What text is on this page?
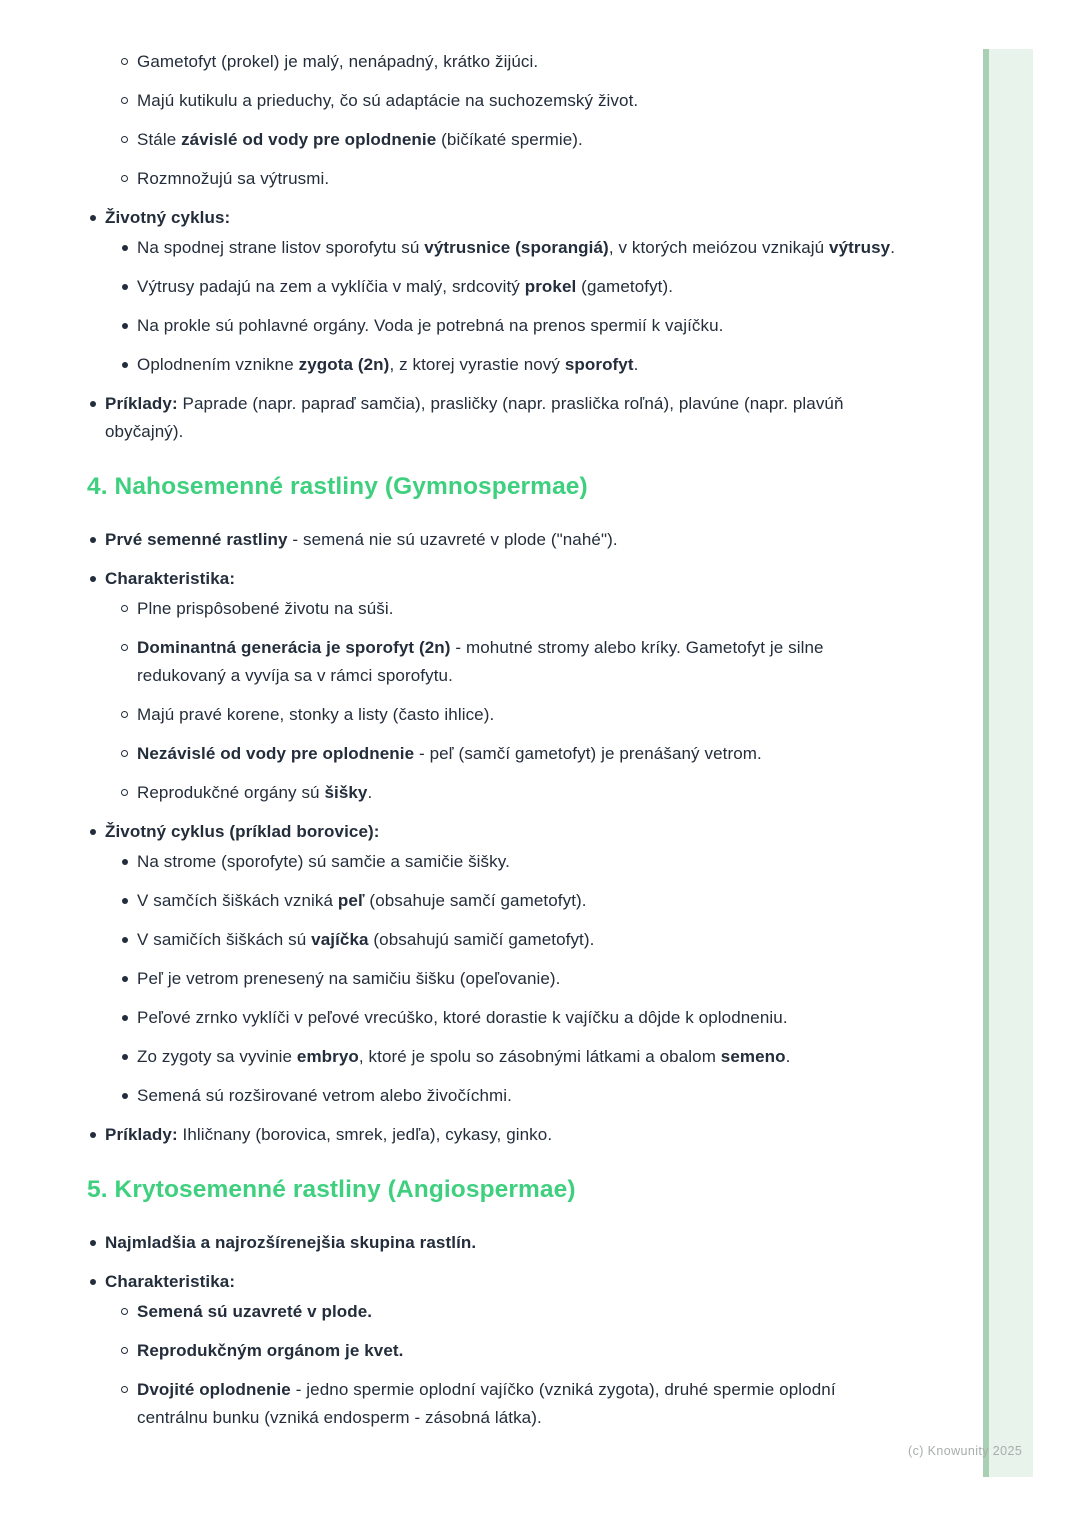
Gametofyt (prokel) je malý, nenápadný, krátko žijúci.
Majú kutikulu a prieduchy, čo sú adaptácie na suchozemský život.
Stále závislé od vody pre oplodnenie (bičíkaté spermie).
Rozmnožujú sa výtrusmi.
Životný cyklus:
Na spodnej strane listov sporofytu sú výtrusnice (sporangiá), v ktorých meiózou vznikajú výtrusy.
Výtrusy padajú na zem a vyklíčia v malý, srdcovitý prokel (gametofyt).
Na prokle sú pohlavné orgány. Voda je potrebná na prenos spermií k vajíčku.
Oplodnením vznikne zygota (2n), z ktorej vyrastie nový sporofyt.
Príklady: Paprade (napr. papraď samčia), prasličky (napr. praslička roľná), plavúne (napr. plavúň obyčajný).
4. Nahosemenné rastliny (Gymnospermae)
Prvé semenné rastliny - semená nie sú uzavreté v plode ("nahé").
Charakteristika:
Plne prispôsobené životu na súši.
Dominantná generácia je sporofyt (2n) - mohutné stromy alebo kríky. Gametofyt je silne redukovaný a vyvíja sa v rámci sporofytu.
Majú pravé korene, stonky a listy (často ihlice).
Nezávislé od vody pre oplodnenie - peľ (samčí gametofyt) je prenášaný vetrom.
Reprodukčné orgány sú šišky.
Životný cyklus (príklad borovice):
Na strome (sporofyte) sú samčie a samičie šišky.
V samčích šiškách vzniká peľ (obsahuje samčí gametofyt).
V samičích šiškách sú vajíčka (obsahujú samičí gametofyt).
Peľ je vetrom prenesený na samičiu šišku (opeľovanie).
Peľové zrnko vyklíči v peľové vrecúško, ktoré dorastie k vajíčku a dôjde k oplodneniu.
Zo zygoty sa vyvinie embryo, ktoré je spolu so zásobnými látkami a obalom semeno.
Semená sú rozširované vetrom alebo živočíchmi.
Príklady: Ihličnany (borovica, smrek, jedľa), cykasy, ginko.
5. Krytosemenné rastliny (Angiospermae)
Najmladšia a najrozšírenejšia skupina rastlín.
Charakteristika:
Semená sú uzavreté v plode.
Reprodukčným orgánom je kvet.
Dvojité oplodnenie - jedno spermie oplodní vajíčko (vzniká zygota), druhé spermie oplodní centrálnu bunku (vzniká endosperm - zásobná látka).
(c) Knowunity 2025
